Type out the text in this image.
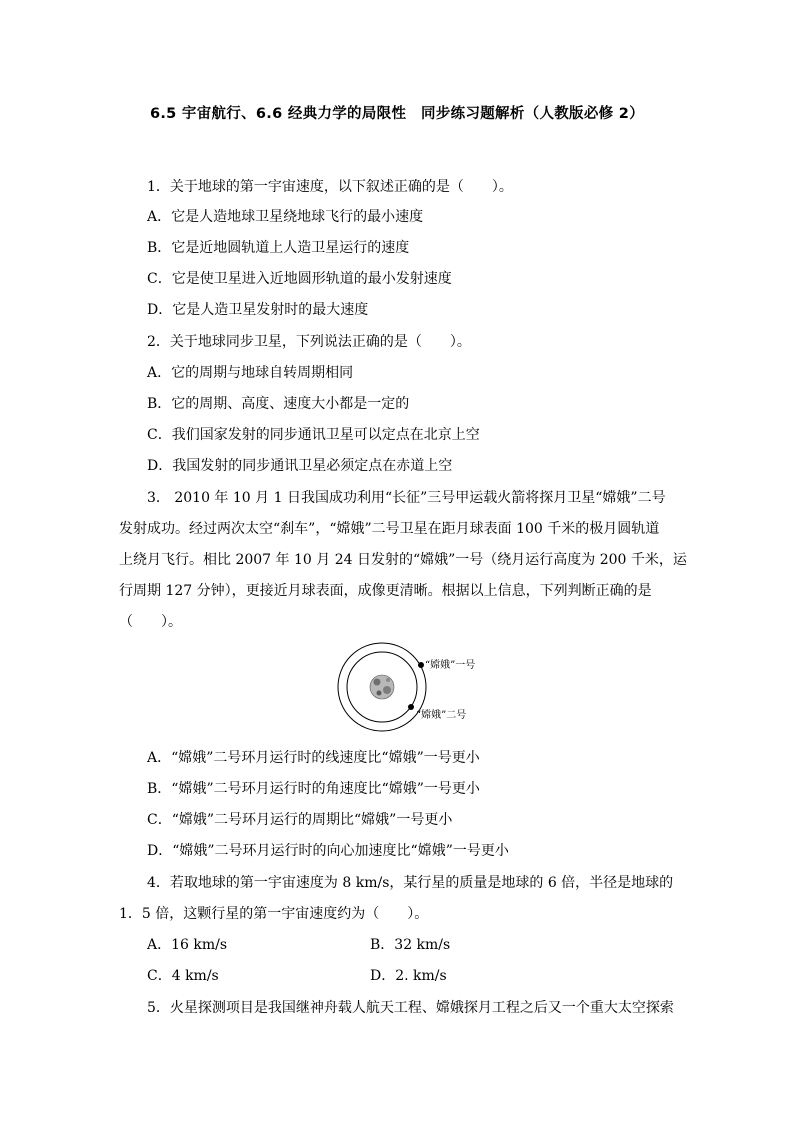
6.5 宇宙航行、6.6 经典力学的局限性　同步练习题解析（人教版必修 2）
1．关于地球的第一宇宙速度，以下叙述正确的是（　　）。
A．它是人造地球卫星绕地球飞行的最小速度
B．它是近地圆轨道上人造卫星运行的速度
C．它是使卫星进入近地圆形轨道的最小发射速度
D．它是人造卫星发射时的最大速度
2．关于地球同步卫星，下列说法正确的是（　　）。
A．它的周期与地球自转周期相同
B．它的周期、高度、速度大小都是一定的
C．我们国家发射的同步通讯卫星可以定点在北京上空
D．我国发射的同步通讯卫星必须定点在赤道上空
3． 2010 年 10 月 1 日我国成功利用“长征”三号甲运载火箭将探月卫星“嫦娥”二号
发射成功。经过两次太空“刹车”，“嫦娥”二号卫星在距月球表面 100 千米的极月圆轨道
上绕月飞行。相比 2007 年 10 月 24 日发射的“嫦娥”一号（绕月运行高度为 200 千米，运
行周期 127 分钟），更接近月球表面，成像更清晰。根据以上信息，下列判断正确的是
（　　）。
“嫦娥”一号
“嫦娥”二号
A．“嫦娥”二号环月运行时的线速度比“嫦娥”一号更小
B．“嫦娥”二号环月运行时的角速度比“嫦娥”一号更小
C．“嫦娥”二号环月运行的周期比“嫦娥”一号更小
D．“嫦娥”二号环月运行时的向心加速度比“嫦娥”一号更小
4．若取地球的第一宇宙速度为 8 km/s，某行星的质量是地球的 6 倍，半径是地球的
1．5 倍，这颗行星的第一宇宙速度约为（　　）。
A．16 km/s	B．32 km/s
C．4 km/s	D．2. km/s
5．火星探测项目是我国继神舟载人航天工程、嫦娥探月工程之后又一个重大太空探索
